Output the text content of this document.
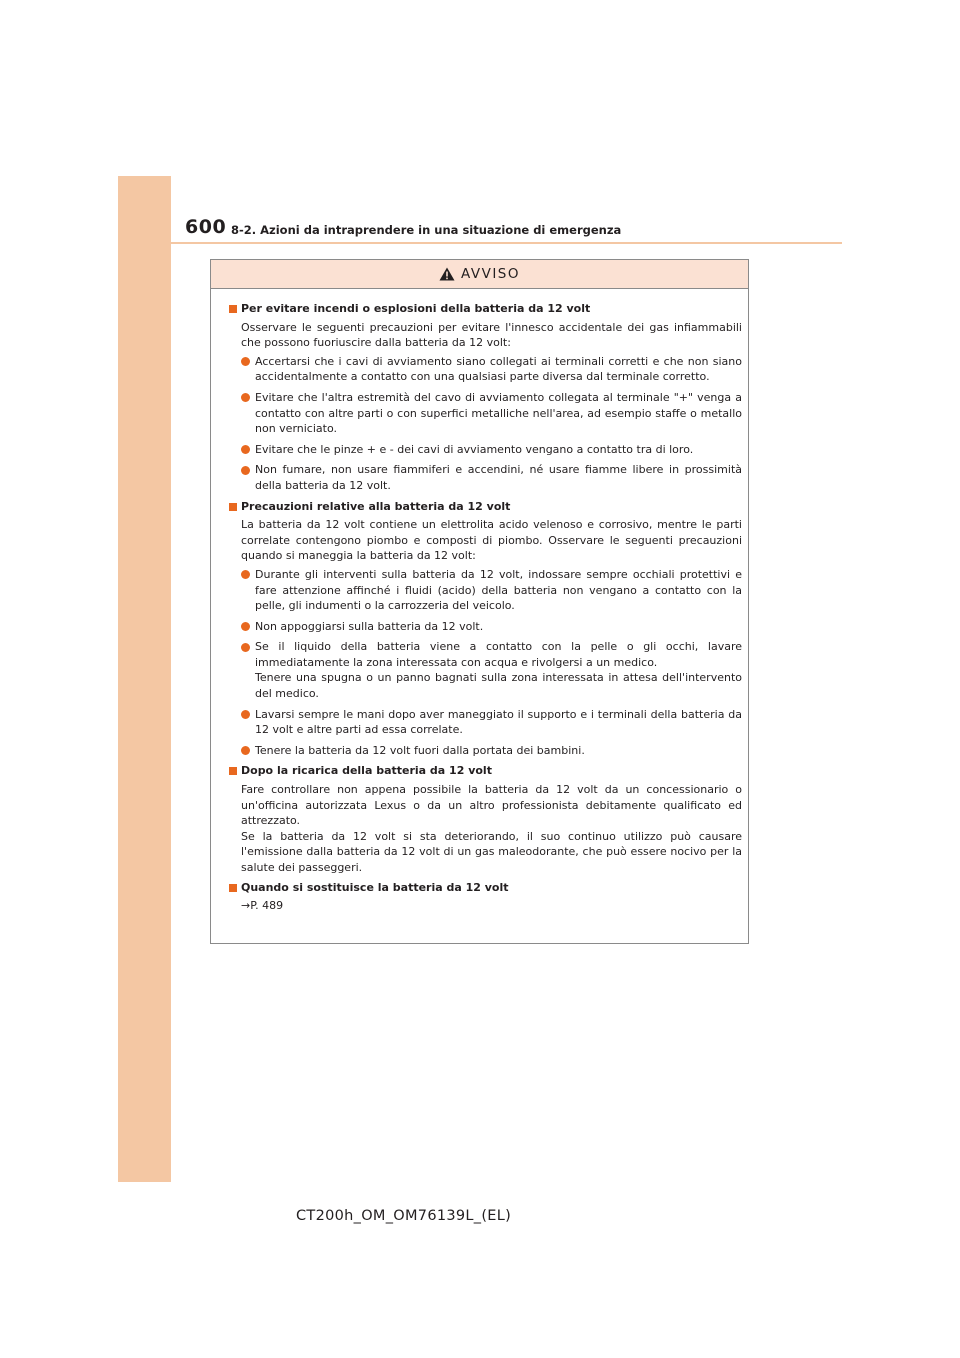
600 8-2. Azioni da intraprendere in una situazione di emergenza
AVVISO
Per evitare incendi o esplosioni della batteria da 12 volt
Osservare le seguenti precauzioni per evitare l'innesco accidentale dei gas infiammabili che possono fuoriuscire dalla batteria da 12 volt:
Accertarsi che i cavi di avviamento siano collegati ai terminali corretti e che non siano accidentalmente a contatto con una qualsiasi parte diversa dal terminale corretto.
Evitare che l'altra estremità del cavo di avviamento collegata al terminale "+" venga a contatto con altre parti o con superfici metalliche nell'area, ad esempio staffe o metallo non verniciato.
Evitare che le pinze + e - dei cavi di avviamento vengano a contatto tra di loro.
Non fumare, non usare fiammiferi e accendini, né usare fiamme libere in prossimità della batteria da 12 volt.
Precauzioni relative alla batteria da 12 volt
La batteria da 12 volt contiene un elettrolita acido velenoso e corrosivo, mentre le parti correlate contengono piombo e composti di piombo. Osservare le seguenti precauzioni quando si maneggia la batteria da 12 volt:
Durante gli interventi sulla batteria da 12 volt, indossare sempre occhiali protettivi e fare attenzione affinché i fluidi (acido) della batteria non vengano a contatto con la pelle, gli indumenti o la carrozzeria del veicolo.
Non appoggiarsi sulla batteria da 12 volt.
Se il liquido della batteria viene a contatto con la pelle o gli occhi, lavare immediatamente la zona interessata con acqua e rivolgersi a un medico.
Tenere una spugna o un panno bagnati sulla zona interessata in attesa dell'intervento del medico.
Lavarsi sempre le mani dopo aver maneggiato il supporto e i terminali della batteria da 12 volt e altre parti ad essa correlate.
Tenere la batteria da 12 volt fuori dalla portata dei bambini.
Dopo la ricarica della batteria da 12 volt
Fare controllare non appena possibile la batteria da 12 volt da un concessionario o un'officina autorizzata Lexus o da un altro professionista debitamente qualificato ed attrezzato.
Se la batteria da 12 volt si sta deteriorando, il suo continuo utilizzo può causare l'emissione dalla batteria da 12 volt di un gas maleodorante, che può essere nocivo per la salute dei passeggeri.
Quando si sostituisce la batteria da 12 volt
→P. 489
CT200h_OM_OM76139L_(EL)
